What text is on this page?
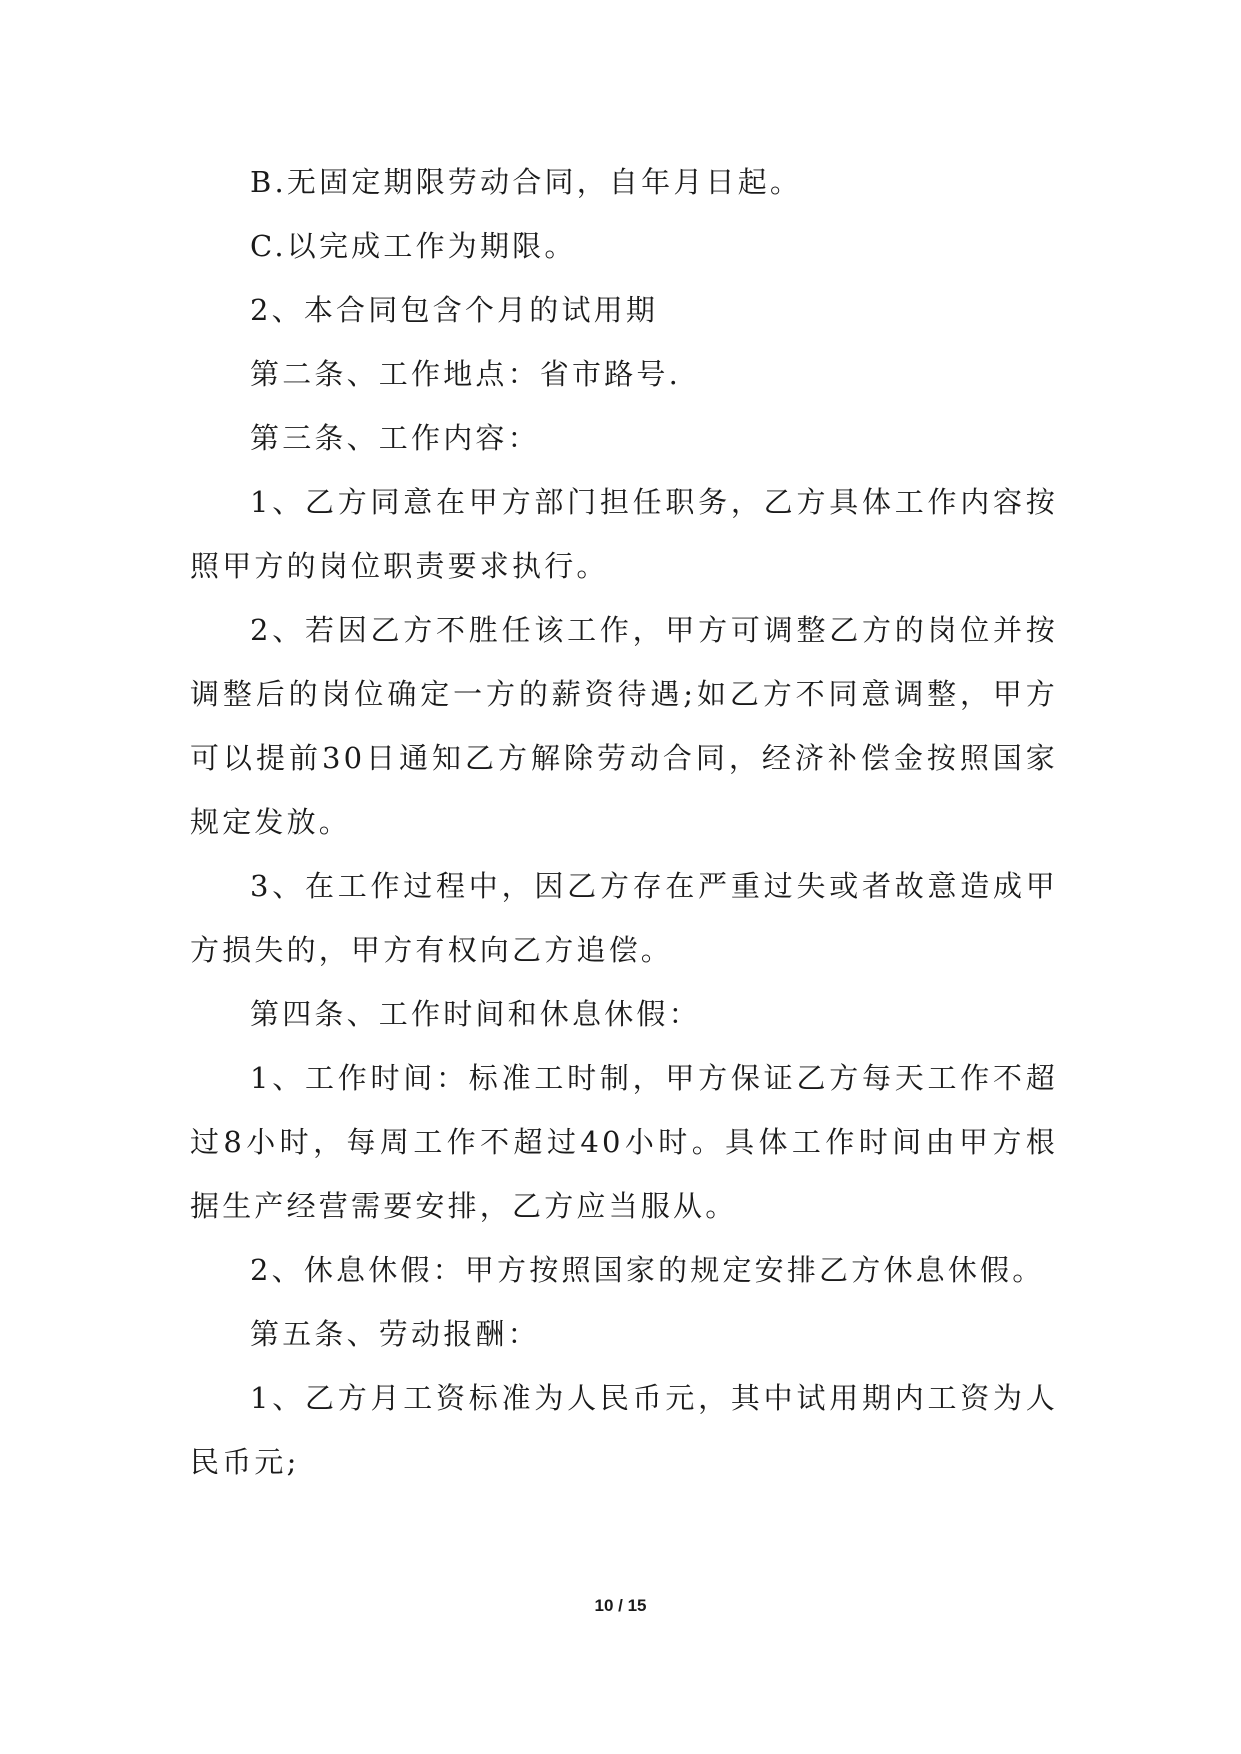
B.无固定期限劳动合同，自年月日起。

C.以完成工作为期限。

2、本合同包含个月的试用期

第二条、工作地点：省市路号.

第三条、工作内容：

1、乙方同意在甲方部门担任职务，乙方具体工作内容按照甲方的岗位职责要求执行。

2、若因乙方不胜任该工作，甲方可调整乙方的岗位并按调整后的岗位确定一方的薪资待遇;如乙方不同意调整，甲方可以提前30日通知乙方解除劳动合同，经济补偿金按照国家规定发放。

3、在工作过程中，因乙方存在严重过失或者故意造成甲方损失的，甲方有权向乙方追偿。

第四条、工作时间和休息休假：

1、工作时间：标准工时制，甲方保证乙方每天工作不超过8小时，每周工作不超过40小时。具体工作时间由甲方根据生产经营需要安排，乙方应当服从。

2、休息休假：甲方按照国家的规定安排乙方休息休假。

第五条、劳动报酬：

1、乙方月工资标准为人民币元，其中试用期内工资为人民币元;

10 / 15
